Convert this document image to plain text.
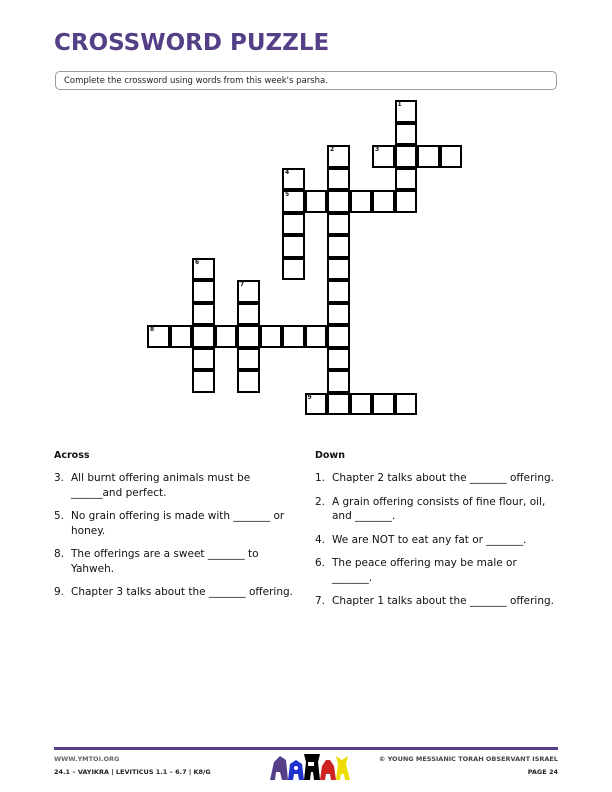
CROSSWORD PUZZLE
Complete the crossword using words from this week's parsha.
1
2	3
4
5
6
7
8
9
Across
3. All burnt offering animals must be ______and perfect.
5. No grain offering is made with _______ or honey.
8. The offerings are a sweet _______ to Yahweh.
9. Chapter 3 talks about the _______ offering.
Down
1. Chapter 2 talks about the _______ offering.
2. A grain offering consists of fine flour, oil, and _______.
4. We are NOT to eat any fat or _______.
6. The peace offering may be male or _______.
7. Chapter 1 talks about the _______ offering.
WWW.YMTOI.ORG
24.1 – VAYIKRA | LEVITICUS 1.1 – 6.7 | K8/G
© YOUNG MESSIANIC TORAH OBSERVANT ISRAEL
PAGE 24
